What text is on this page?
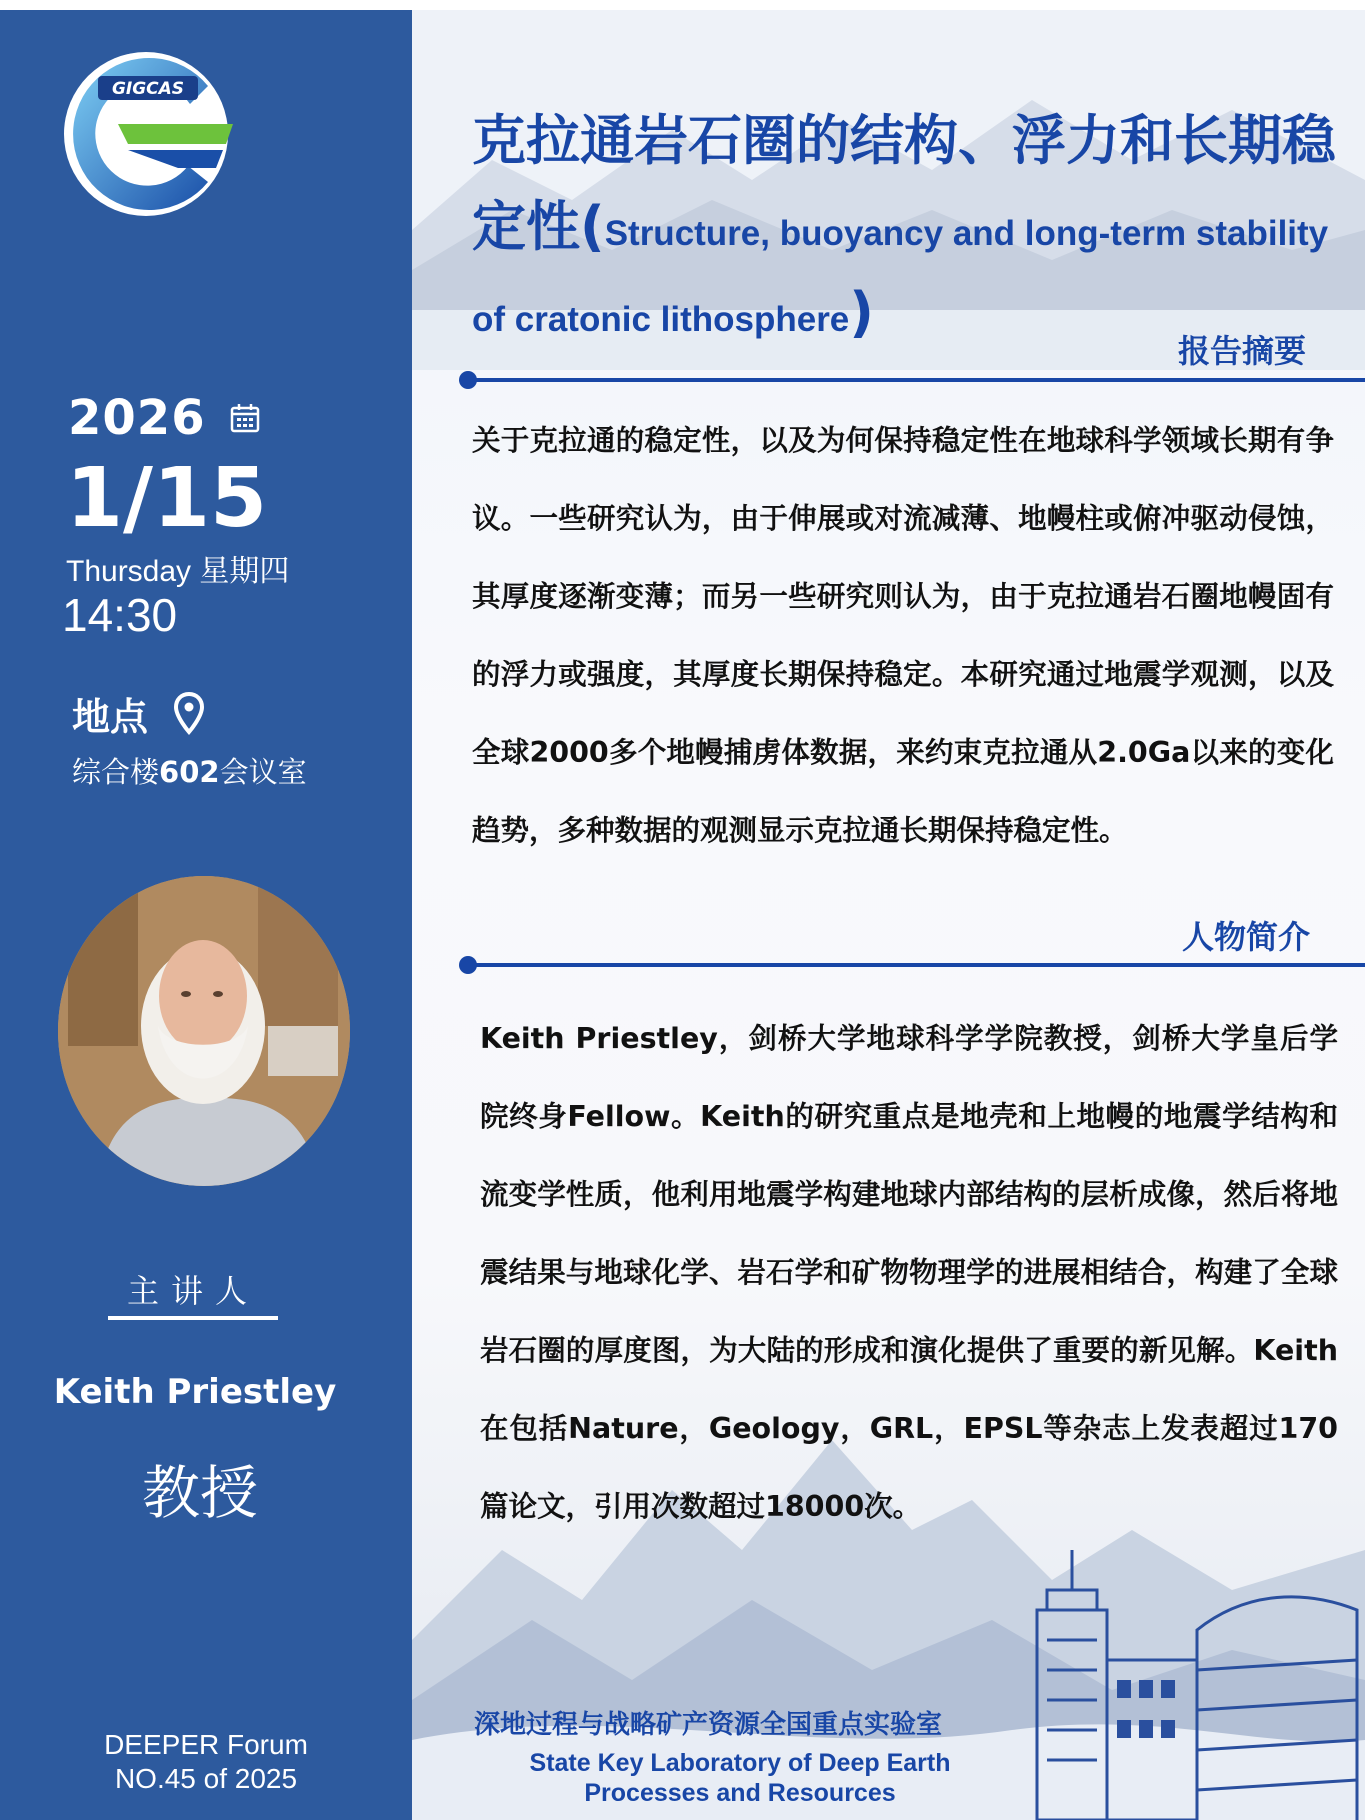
GIGCAS
2026
1/15
Thursday 星期四
14:30
地点
综合楼602会议室
主讲人
Keith Priestley
教授
DEEPER Forum
NO.45 of 2025
克拉通岩石圈的结构、浮力和长期稳定性(Structure, buoyancy and long-term stability of cratonic lithosphere)
报告摘要
关于克拉通的稳定性，以及为何保持稳定性在地球科学领域长期有争议。一些研究认为，由于伸展或对流减薄、地幔柱或俯冲驱动侵蚀，其厚度逐渐变薄；而另一些研究则认为，由于克拉通岩石圈地幔固有的浮力或强度，其厚度长期保持稳定。本研究通过地震学观测，以及全球2000多个地幔捕虏体数据，来约束克拉通从2.0Ga以来的变化趋势，多种数据的观测显示克拉通长期保持稳定性。
人物简介
Keith Priestley，剑桥大学地球科学学院教授，剑桥大学皇后学院终身Fellow。Keith的研究重点是地壳和上地幔的地震学结构和流变学性质，他利用地震学构建地球内部结构的层析成像，然后将地震结果与地球化学、岩石学和矿物物理学的进展相结合，构建了全球岩石圈的厚度图，为大陆的形成和演化提供了重要的新见解。Keith在包括Nature，Geology，GRL，EPSL等杂志上发表超过170篇论文，引用次数超过18000次。
深地过程与战略矿产资源全国重点实验室
State Key Laboratory of Deep Earth
Processes and Resources
